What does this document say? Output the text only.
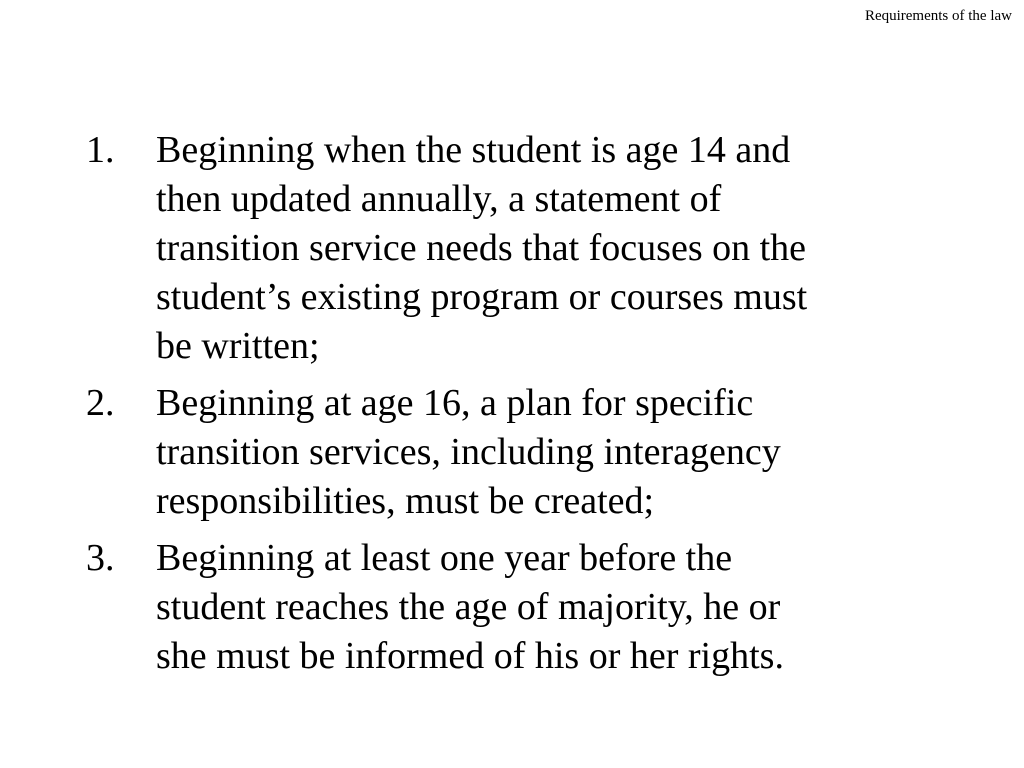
Requirements of the law
1. Beginning when the student is age 14 and
then updated annually, a statement of
transition service needs that focuses on the
student’s existing program or courses must
be written;
2. Beginning at age 16, a plan for specific
transition services, including interagency
responsibilities, must be created;
3. Beginning at least one year before the
student reaches the age of majority, he or
she must be informed of his or her rights.
